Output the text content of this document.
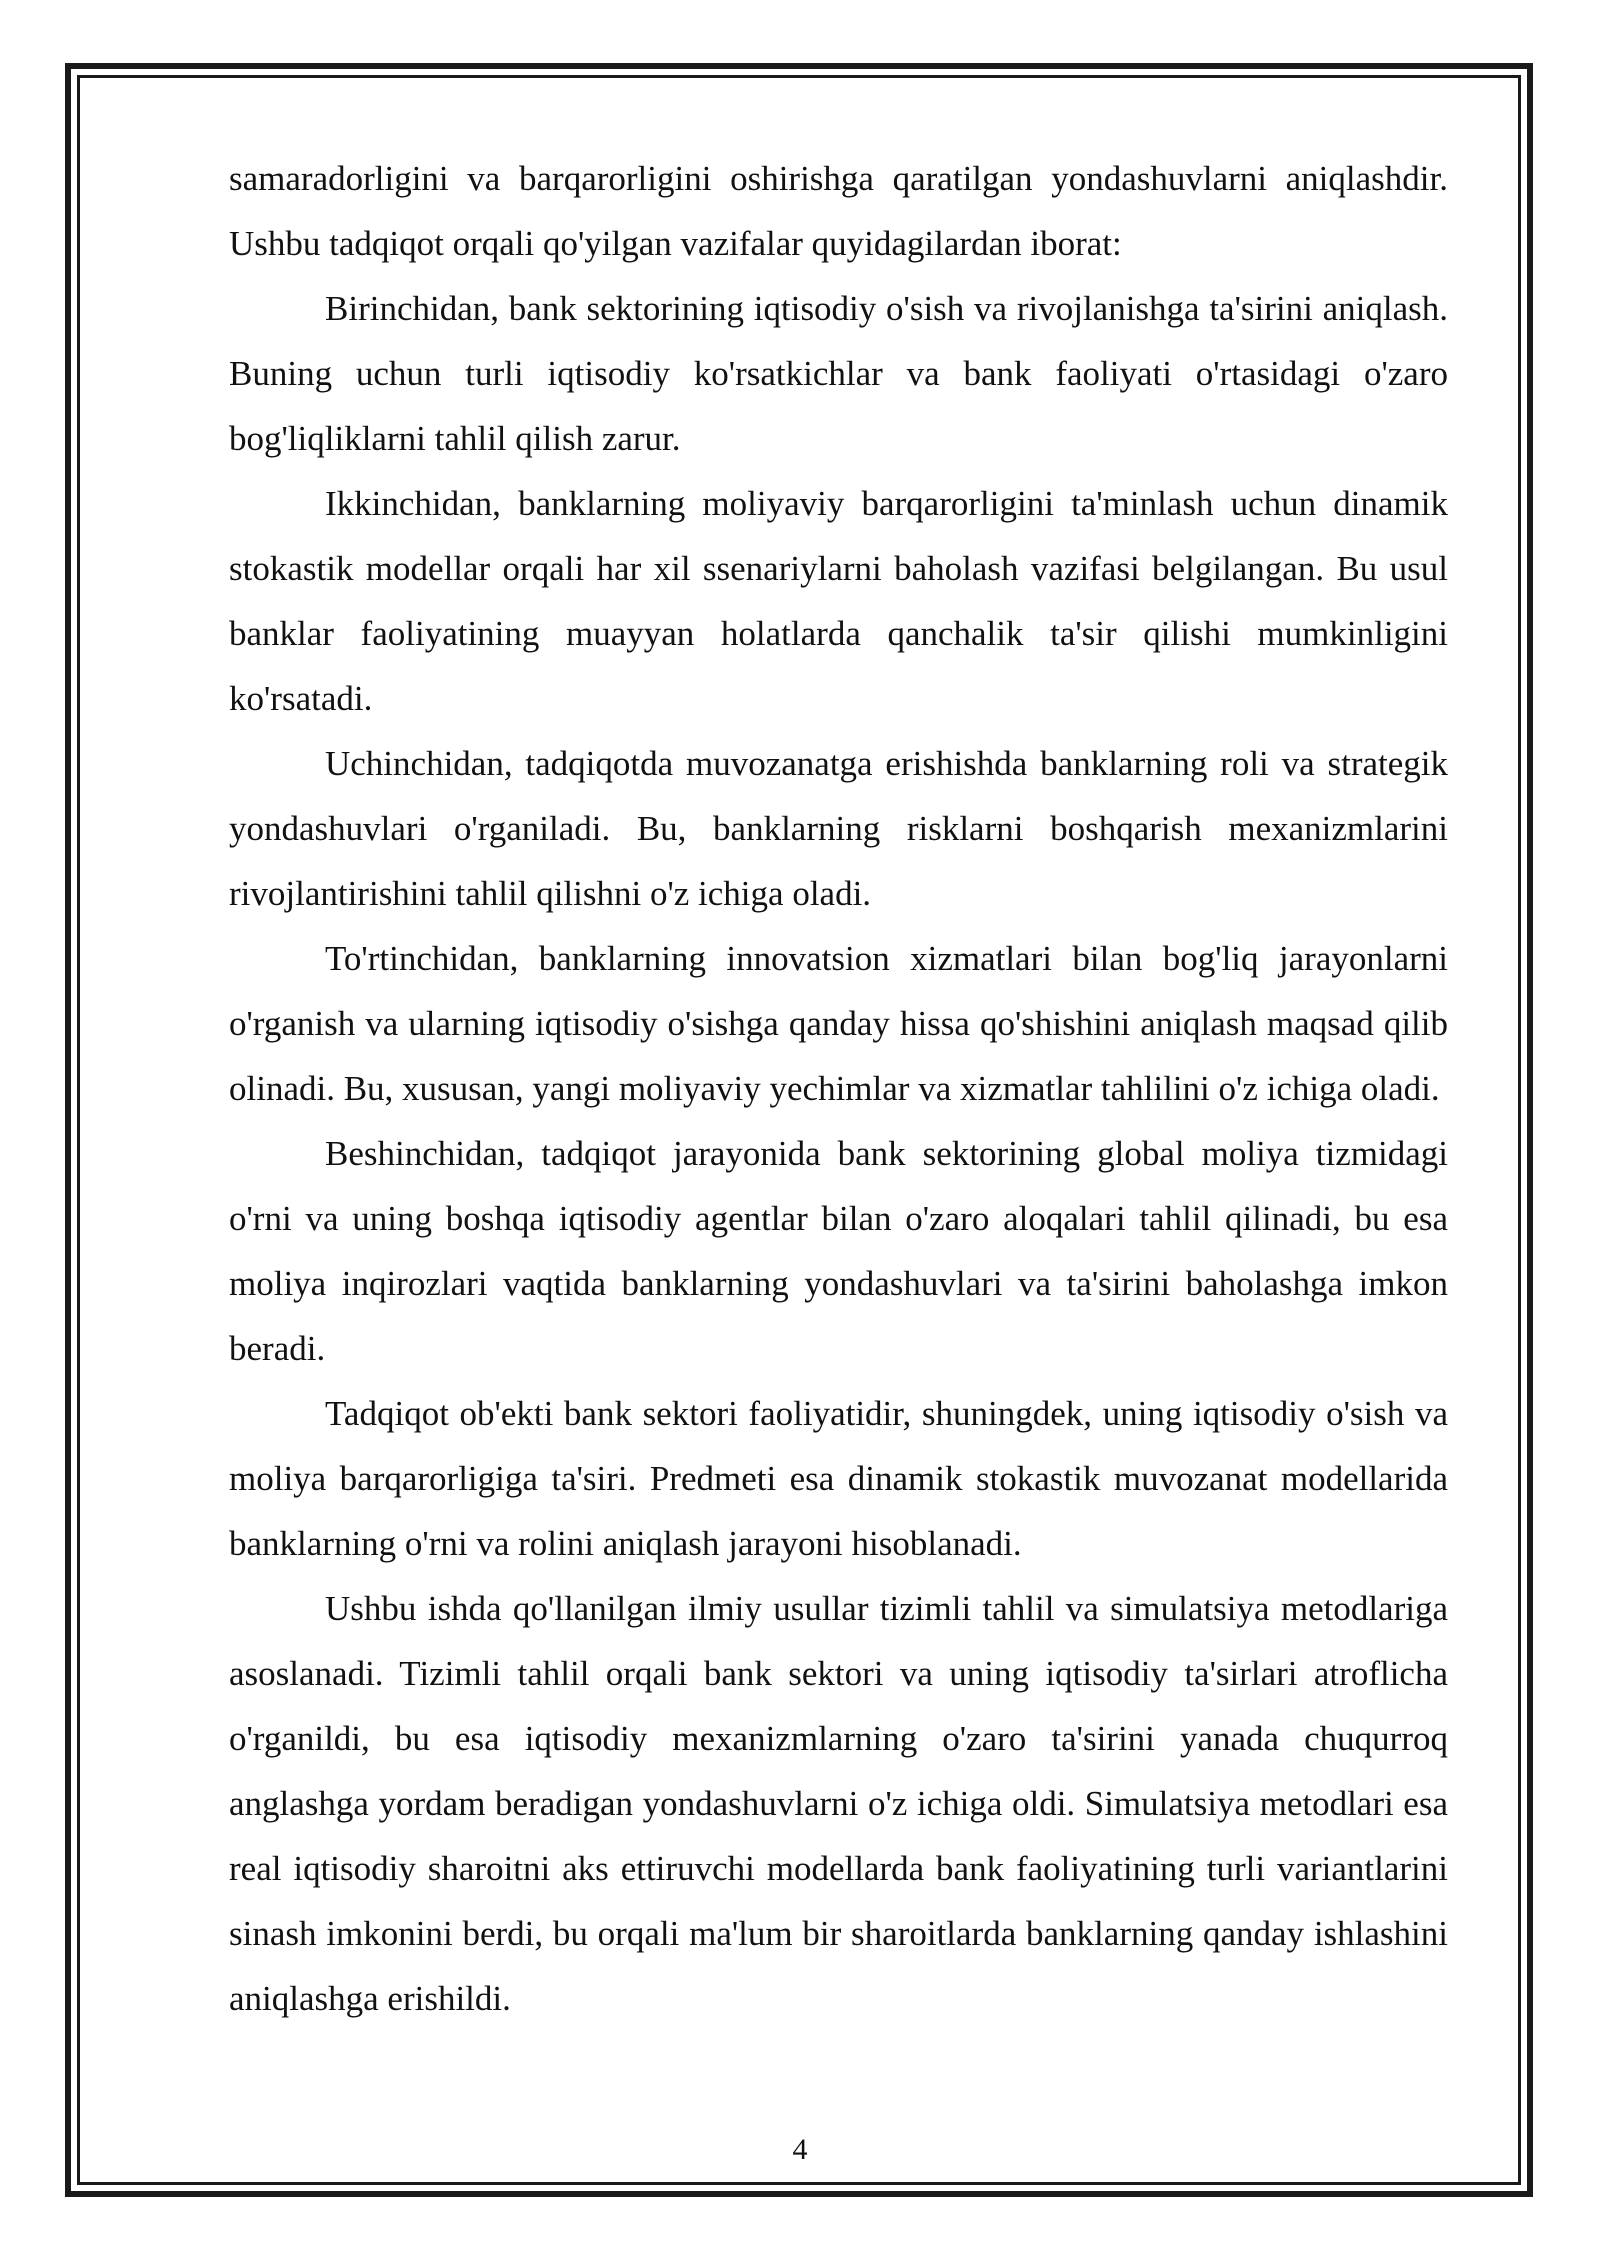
samaradorligini va barqarorligini oshirishga qaratilgan yondashuvlarni aniqlashdir. Ushbu tadqiqot orqali qo'yilgan vazifalar quyidagilardan iborat:

Birinchidan, bank sektorining iqtisodiy o'sish va rivojlanishga ta'sirini aniqlash. Buning uchun turli iqtisodiy ko'rsatkichlar va bank faoliyati o'rtasidagi o'zaro bog'liqliklarni tahlil qilish zarur.

Ikkinchidan, banklarning moliyaviy barqarorligini ta'minlash uchun dinamik stokastik modellar orqali har xil ssenariylarni baholash vazifasi belgilangan. Bu usul banklar faoliyatining muayyan holatlarda qanchalik ta'sir qilishi mumkinligini ko'rsatadi.

Uchinchidan, tadqiqotda muvozanatga erishishda banklarning roli va strategik yondashuvlari o'rganiladi. Bu, banklarning risklarni boshqarish mexanizmlarini rivojlantirishini tahlil qilishni o'z ichiga oladi.

To'rtinchidan, banklarning innovatsion xizmatlari bilan bog'liq jarayonlarni o'rganish va ularning iqtisodiy o'sishga qanday hissa qo'shishini aniqlash maqsad qilib olinadi. Bu, xususan, yangi moliyaviy yechimlar va xizmatlar tahlilini o'z ichiga oladi.

Beshinchidan, tadqiqot jarayonida bank sektorining global moliya tizmidagi o'rni va uning boshqa iqtisodiy agentlar bilan o'zaro aloqalari tahlil qilinadi, bu esa moliya inqirozlari vaqtida banklarning yondashuvlari va ta'sirini baholashga imkon beradi.

Tadqiqot ob'ekti bank sektori faoliyatidir, shuningdek, uning iqtisodiy o'sish va moliya barqarorligiga ta'siri. Predmeti esa dinamik stokastik muvozanat modellarida banklarning o'rni va rolini aniqlash jarayoni hisoblanadi.

Ushbu ishda qo'llanilgan ilmiy usullar tizimli tahlil va simulatsiya metodlariga asoslanadi. Tizimli tahlil orqali bank sektori va uning iqtisodiy ta'sirlari atroflicha o'rganildi, bu esa iqtisodiy mexanizmlarning o'zaro ta'sirini yanada chuqurroq anglashga yordam beradigan yondashuvlarni o'z ichiga oldi. Simulatsiya metodlari esa real iqtisodiy sharoitni aks ettiruvchi modellarda bank faoliyatining turli variantlarini sinash imkonini berdi, bu orqali ma'lum bir sharoitlarda banklarning qanday ishlashini aniqlashga erishildi.

4
